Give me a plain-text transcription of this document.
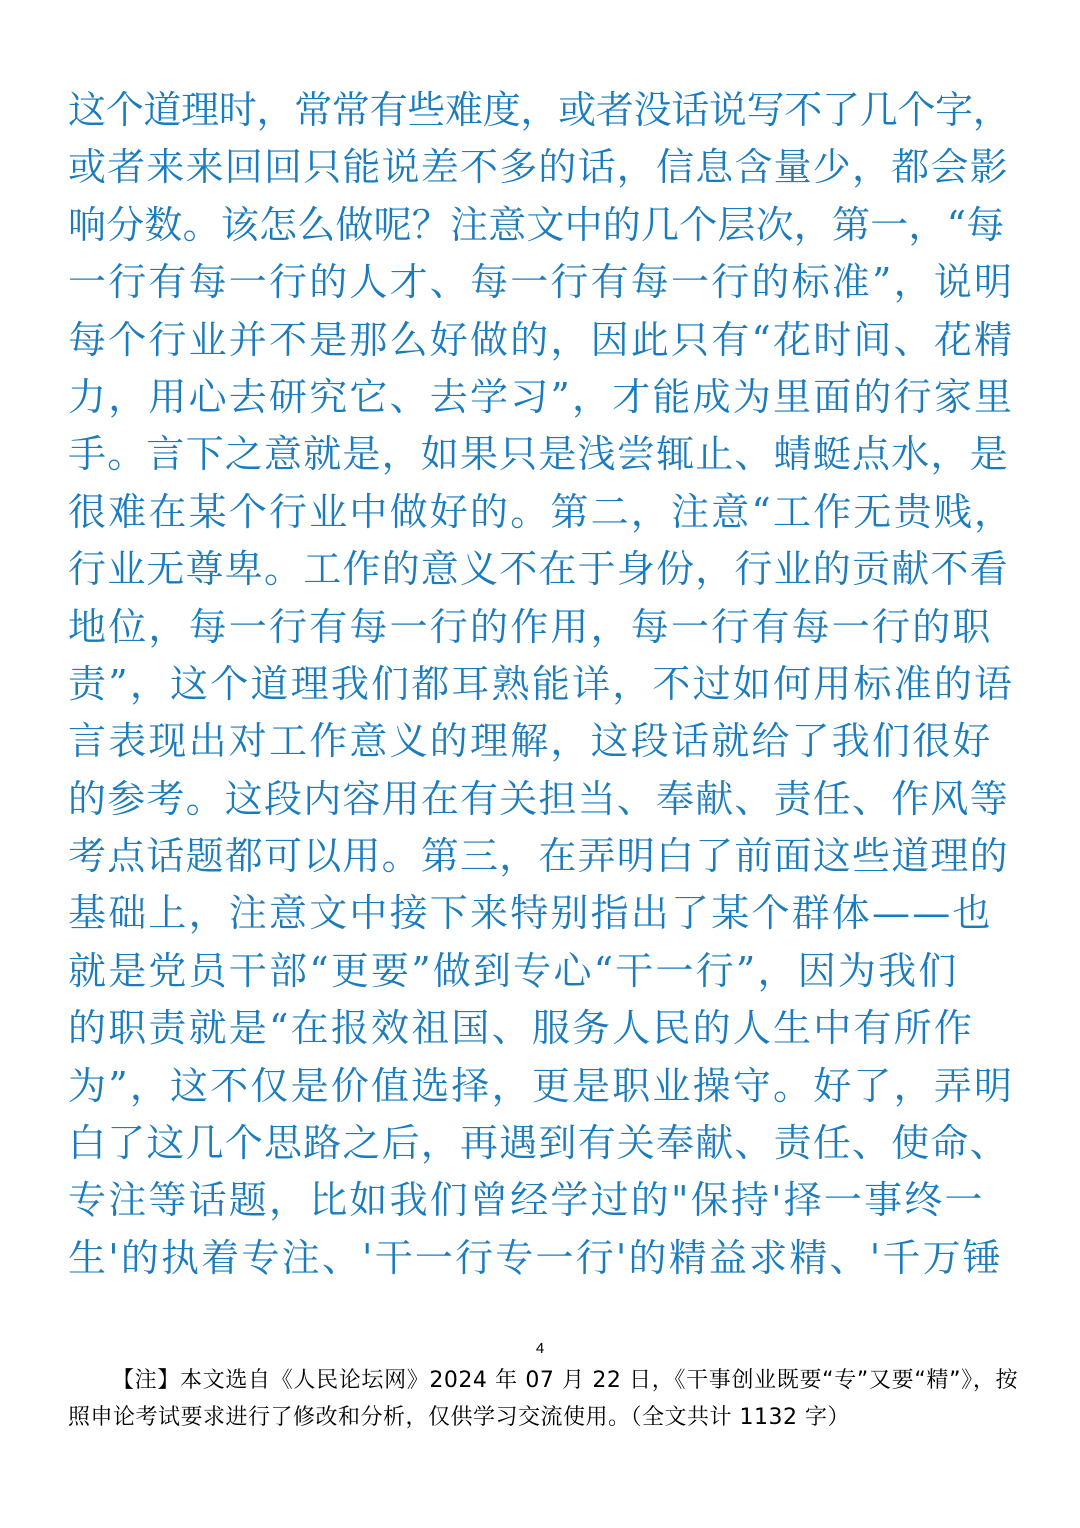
这个道理时，常常有些难度，或者没话说写不了几个字，
或者来来回回只能说差不多的话，信息含量少，都会影
响分数。该怎么做呢？注意文中的几个层次，第一，“每
一行有每一行的人才、每一行有每一行的标准”，说明
每个行业并不是那么好做的，因此只有“花时间、花精
力，用心去研究它、去学习”，才能成为里面的行家里
手。言下之意就是，如果只是浅尝辄止、蜻蜓点水，是
很难在某个行业中做好的。第二，注意“工作无贵贱，
行业无尊卑。工作的意义不在于身份，行业的贡献不看
地位，每一行有每一行的作用，每一行有每一行的职
责”，这个道理我们都耳熟能详，不过如何用标准的语
言表现出对工作意义的理解，这段话就给了我们很好
的参考。这段内容用在有关担当、奉献、责任、作风等
考点话题都可以用。第三，在弄明白了前面这些道理的
基础上，注意文中接下来特别指出了某个群体——也
就是党员干部“更要”做到专心“干一行”，因为我们
的职责就是“在报效祖国、服务人民的人生中有所作
为”，这不仅是价值选择，更是职业操守。好了，弄明
白了这几个思路之后，再遇到有关奉献、责任、使命、
专注等话题，比如我们曾经学过的"保持'择一事终一
生'的执着专注、'干一行专一行'的精益求精、'千万锤
4

【注】本文选自《人民论坛网》2024 年 07 月 22 日，《干事创业既要“专”又要“精”》，按照申论考试要求进行了修改和分析，仅供学习交流使用。（全文共计 1132 字）
